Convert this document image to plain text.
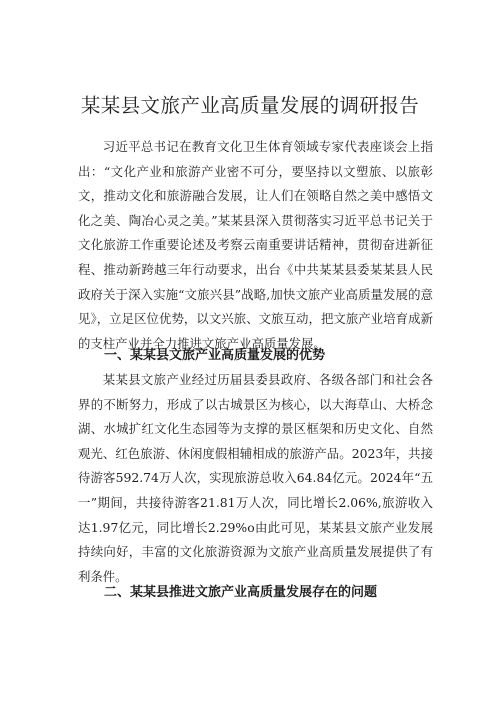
某某县文旅产业高质量发展的调研报告

习近平总书记在教育文化卫生体育领域专家代表座谈会上指出：“文化产业和旅游产业密不可分，要坚持以文塑旅、以旅彰文，推动文化和旅游融合发展，让人们在领略自然之美中感悟文化之美、陶冶心灵之美。”某某县深入贯彻落实习近平总书记关于文化旅游工作重要论述及考察云南重要讲话精神，贯彻奋进新征程、推动新跨越三年行动要求，出台《中共某某县委某某县人民政府关于深入实施“文旅兴县”战略,加快文旅产业高质量发展的意见》，立足区位优势，以文兴旅、文旅互动，把文旅产业培育成新的支柱产业并全力推进文旅产业高质量发展。

一、某某县文旅产业高质量发展的优势

某某县文旅产业经过历届县委县政府、各级各部门和社会各界的不断努力，形成了以古城景区为核心，以大海草山、大桥念湖、水城扩红文化生态园等为支撑的景区框架和历史文化、自然观光、红色旅游、休闲度假相辅相成的旅游产品。2023年，共接待游客592.74万人次，实现旅游总收入64.84亿元。2024年“五一”期间，共接待游客21.81万人次，同比增长2.06%,旅游收入达1.97亿元，同比增长2.29%o由此可见，某某县文旅产业发展持续向好，丰富的文化旅游资源为文旅产业高质量发展提供了有利条件。

二、某某县推进文旅产业高质量发展存在的问题
